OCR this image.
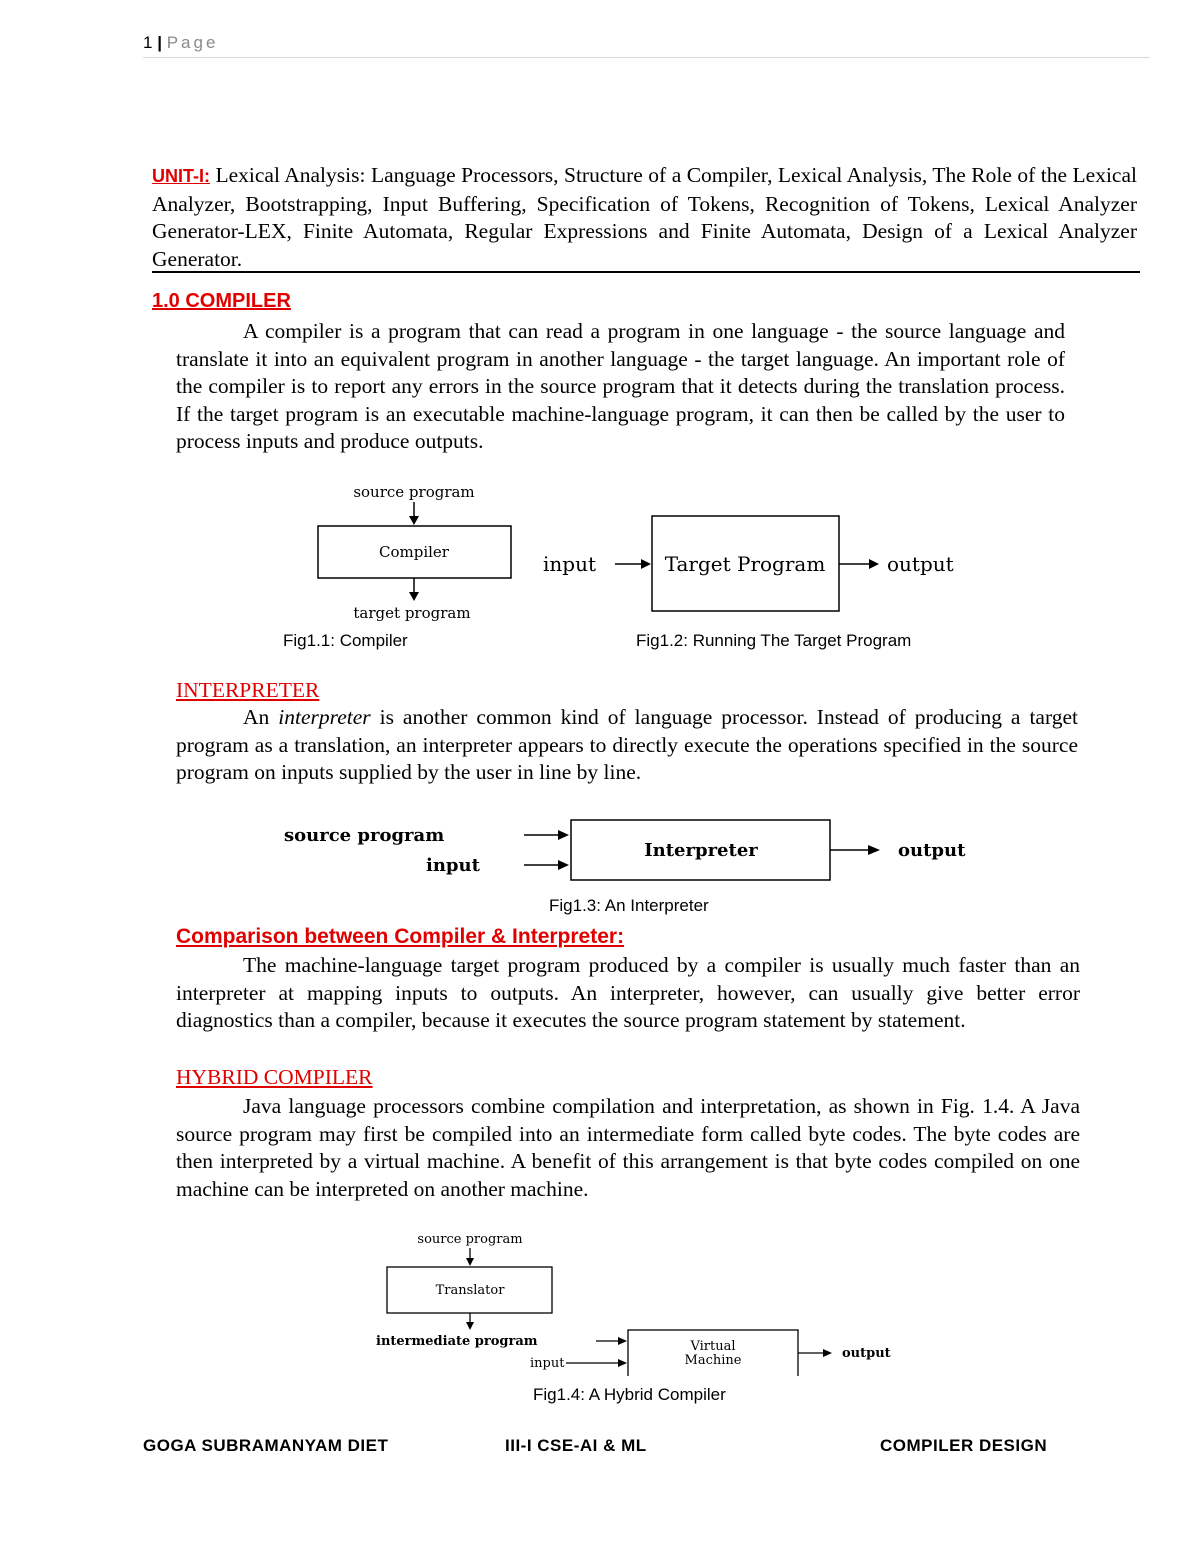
1 | Page
UNIT-I: Lexical Analysis: Language Processors, Structure of a Compiler, Lexical Analysis, The Role of the Lexical Analyzer, Bootstrapping, Input Buffering, Specification of Tokens, Recognition of Tokens, Lexical Analyzer Generator-LEX, Finite Automata, Regular Expressions and Finite Automata, Design of a Lexical Analyzer Generator.
1.0 COMPILER
A compiler is a program that can read a program in one language - the source language and translate it into an equivalent program in another language - the target language. An important role of the compiler is to report any errors in the source program that it detects during the translation process. If the target program is an executable machine-language program, it can then be called by the user to process inputs and produce outputs.
source program
Compiler
target program
Fig1.1: Compiler
input	Target Program	output
Fig1.2: Running The Target Program
INTERPRETER
An interpreter is another common kind of language processor. Instead of producing a target program as a translation, an interpreter appears to directly execute the operations specified in the source program on inputs supplied by the user in line by line.
source program
input
Interpreter	output
Fig1.3: An Interpreter
Comparison between Compiler & Interpreter:
The machine-language target program produced by a compiler is usually much faster than an interpreter at mapping inputs to outputs. An interpreter, however, can usually give better error diagnostics than a compiler, because it executes the source program statement by statement.
HYBRID COMPILER
Java language processors combine compilation and interpretation, as shown in Fig. 1.4. A Java source program may first be compiled into an intermediate form called byte codes. The byte codes are then interpreted by a virtual machine. A benefit of this arrangement is that byte codes compiled on one machine can be interpreted on another machine.
source program
Translator
intermediate program
input
Virtual
Machine	output
Fig1.4: A Hybrid Compiler
GOGA SUBRAMANYAM DIET	III-I CSE-AI & ML	COMPILER DESIGN
